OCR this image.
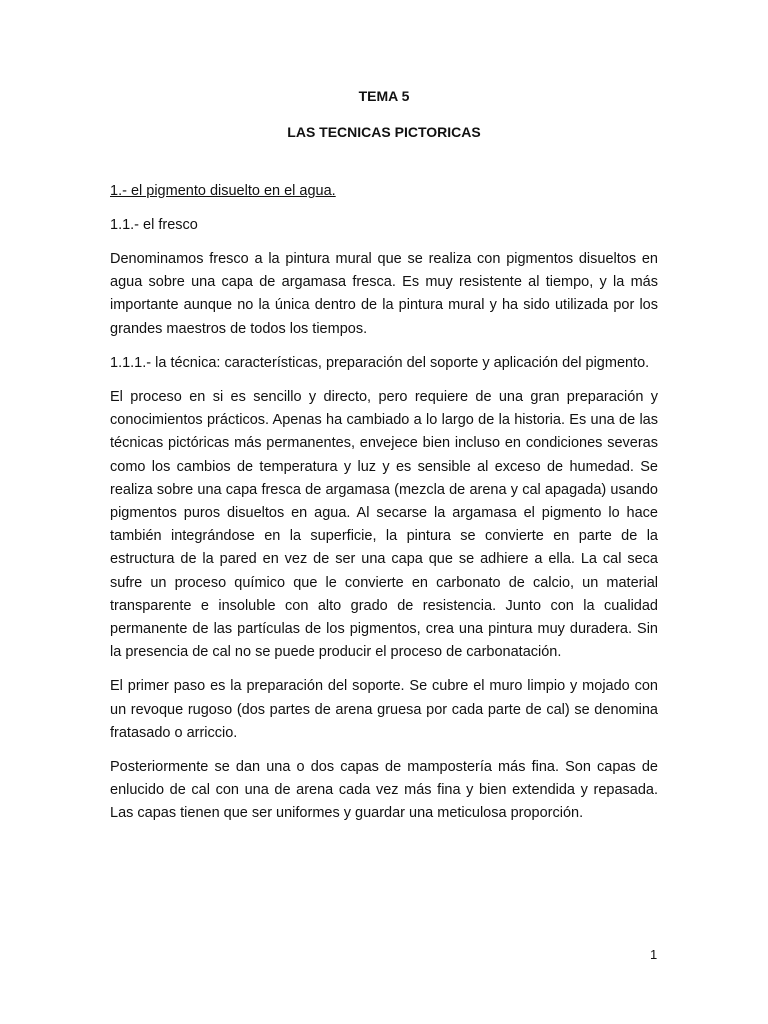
TEMA 5
LAS TECNICAS PICTORICAS
1.- el pigmento disuelto en el agua.
1.1.- el fresco

Denominamos fresco a la pintura mural que se realiza con pigmentos disueltos en agua sobre una capa de argamasa fresca. Es muy resistente al tiempo, y la más importante aunque no la única dentro de la pintura mural y ha sido utilizada por los grandes maestros de todos los tiempos.

1.1.1.- la técnica: características, preparación del soporte y aplicación del pigmento.

El proceso en si es sencillo y directo, pero requiere de una gran preparación y conocimientos prácticos. Apenas ha cambiado a lo largo de la historia. Es una de las técnicas pictóricas más permanentes, envejece bien incluso en condiciones severas como los cambios de temperatura y luz y es sensible al exceso de humedad. Se realiza sobre una capa fresca de argamasa (mezcla de arena y cal apagada) usando pigmentos puros disueltos en agua. Al secarse la argamasa el pigmento lo hace también integrándose en la superficie, la pintura se convierte en parte de la estructura de la pared en vez de ser una capa que se adhiere a ella. La cal seca sufre un proceso químico que le convierte en carbonato de calcio, un material transparente e insoluble con alto grado de resistencia. Junto con la cualidad permanente de las partículas de los pigmentos, crea una pintura muy duradera. Sin la presencia de cal no se puede producir el proceso de carbonatación.

El primer paso es la preparación del soporte. Se cubre el muro limpio y mojado con un revoque rugoso (dos partes de arena gruesa por cada parte de cal) se denomina fratasado o arriccio.

Posteriormente se dan una o dos capas de mampostería más fina. Son capas de enlucido de cal con una de arena cada vez más fina y bien extendida y repasada. Las capas tienen que ser uniformes y guardar una meticulosa proporción.

1
